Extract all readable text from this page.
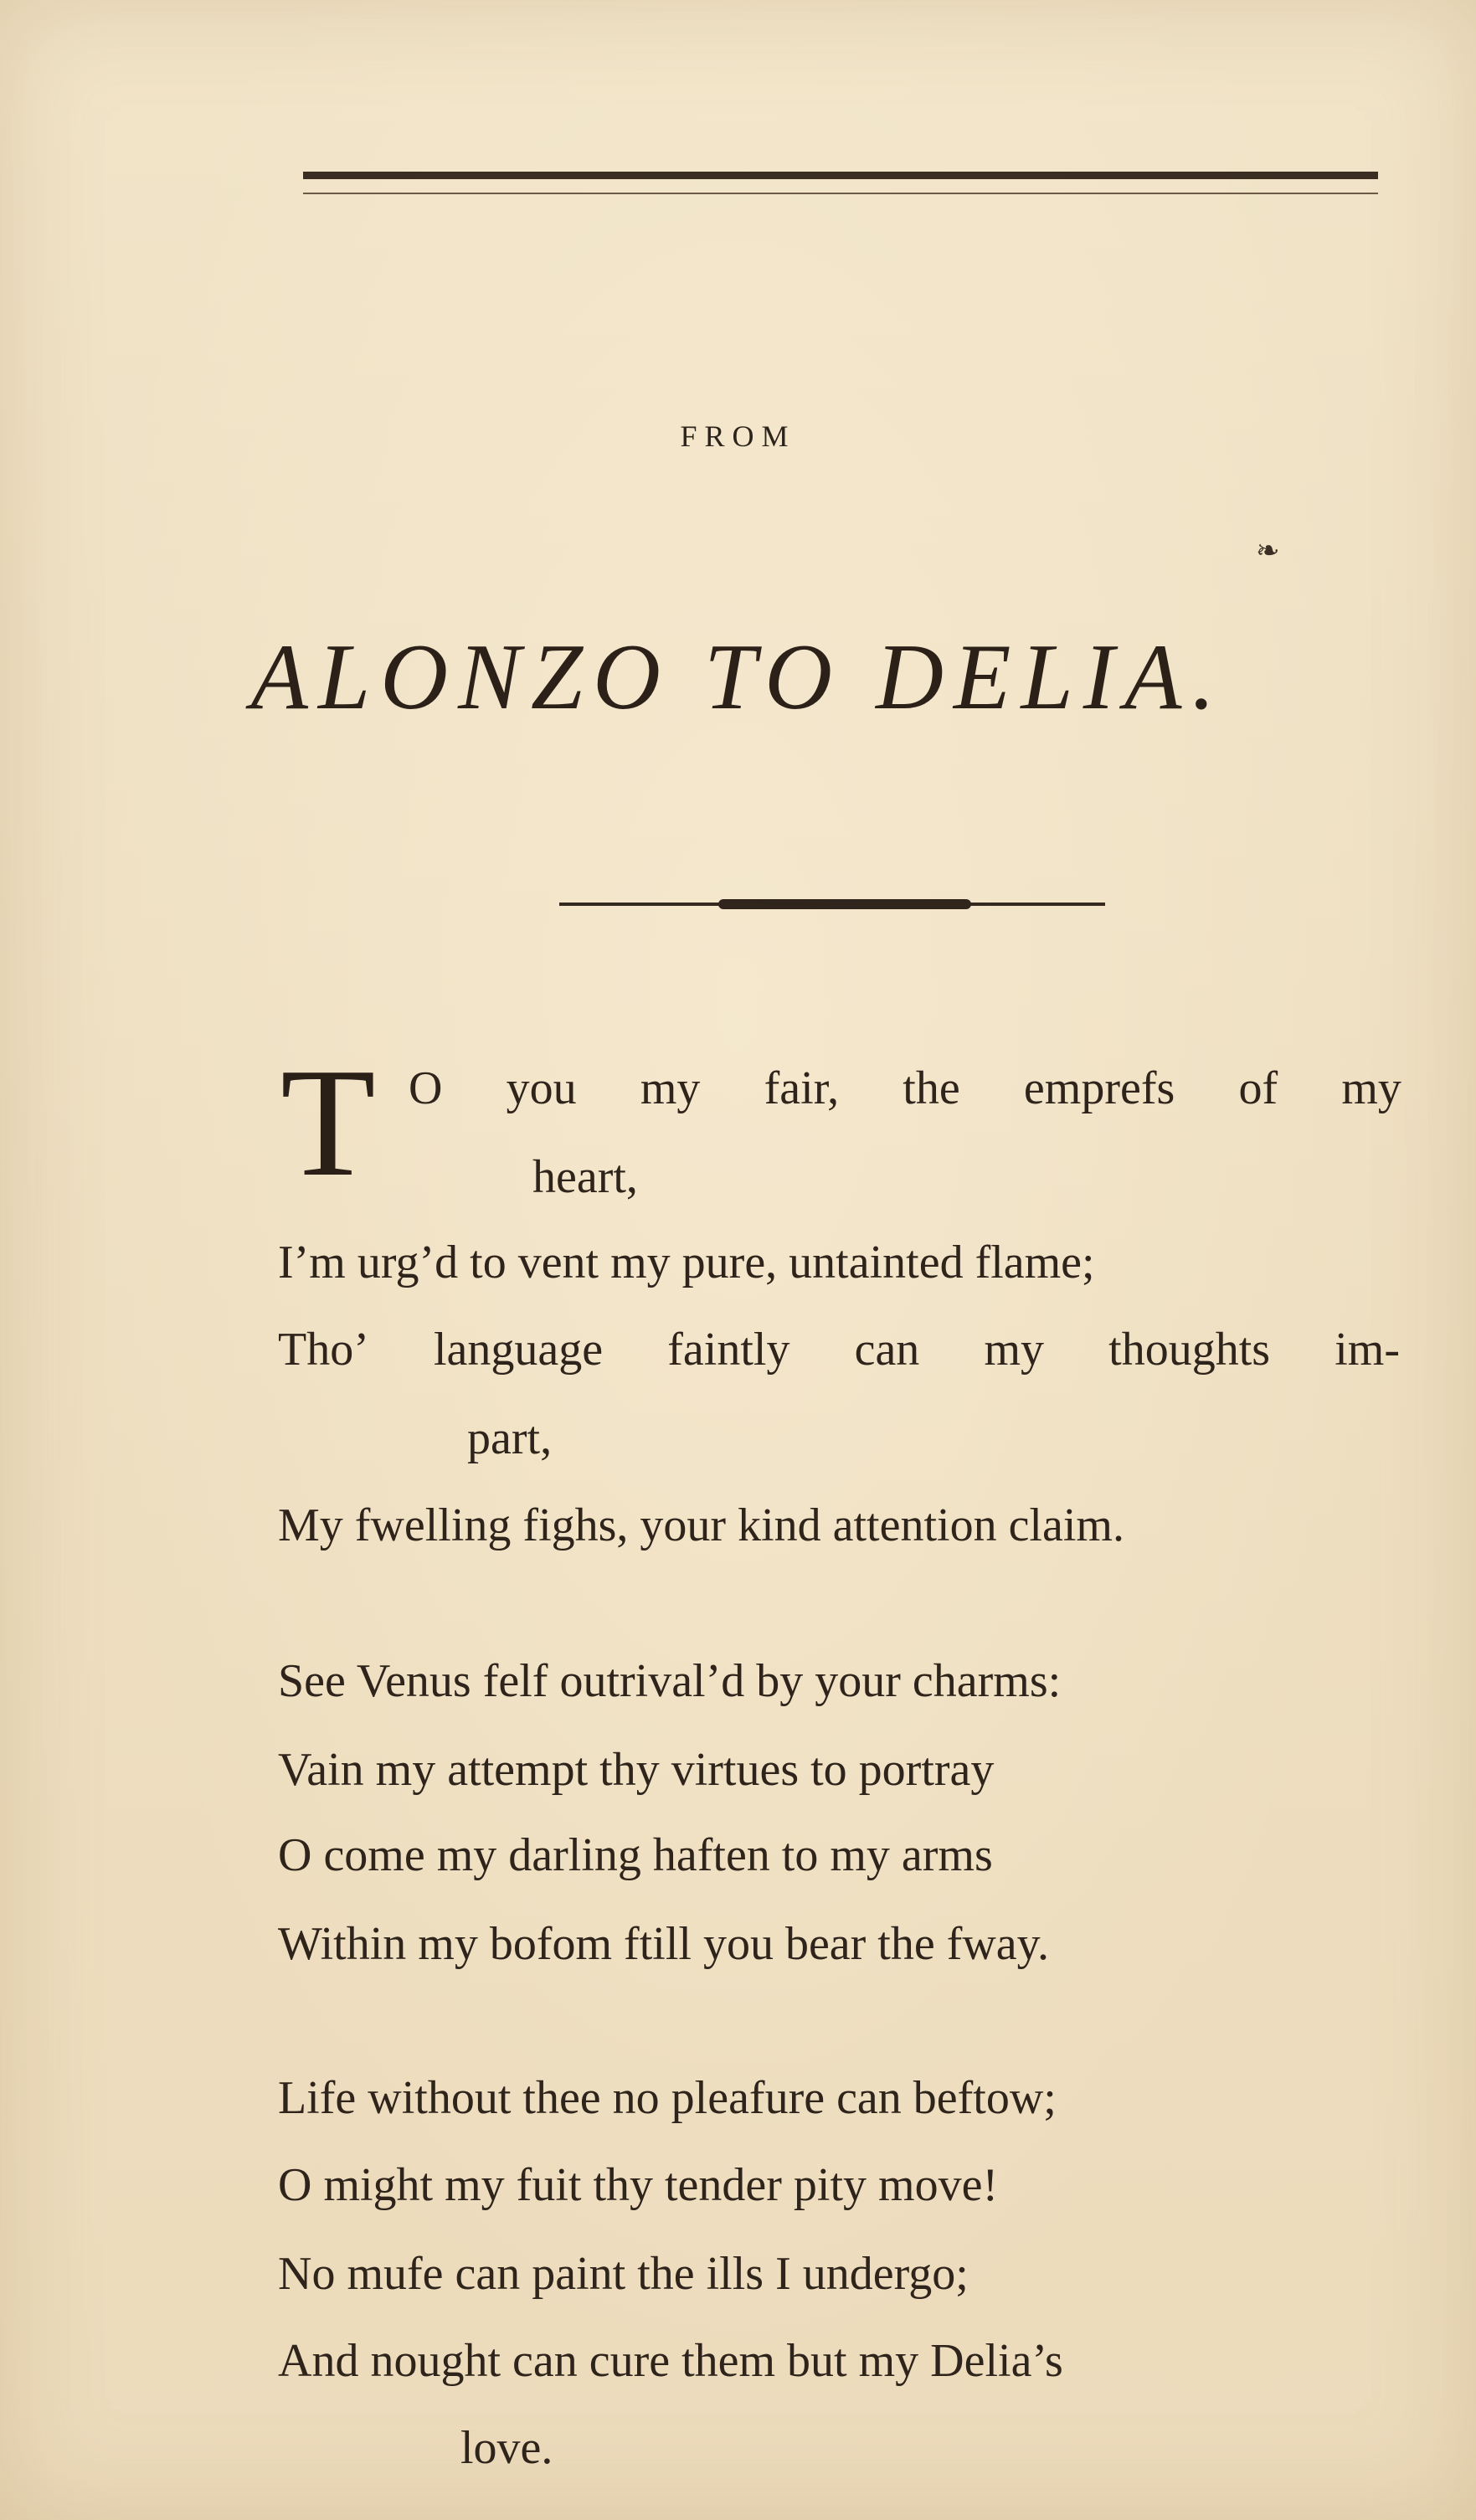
FROM
❧
ALONZO TO DELIA.
T O you my fair, the emprefs of my
heart,
I’m urg’d to vent my pure, untainted flame;
Tho’ language faintly can my thoughts im-
part,
My fwelling fighs, your kind attention claim.
See Venus felf outrival’d by your charms:
Vain my attempt thy virtues to portray
O come my darling haften to my arms
Within my bofom ftill you bear the fway.
Life without thee no pleafure can beftow;
O might my fuit thy tender pity move!
No mufe can paint the ills I undergo;
And nought can cure them but my Delia’s
love.
